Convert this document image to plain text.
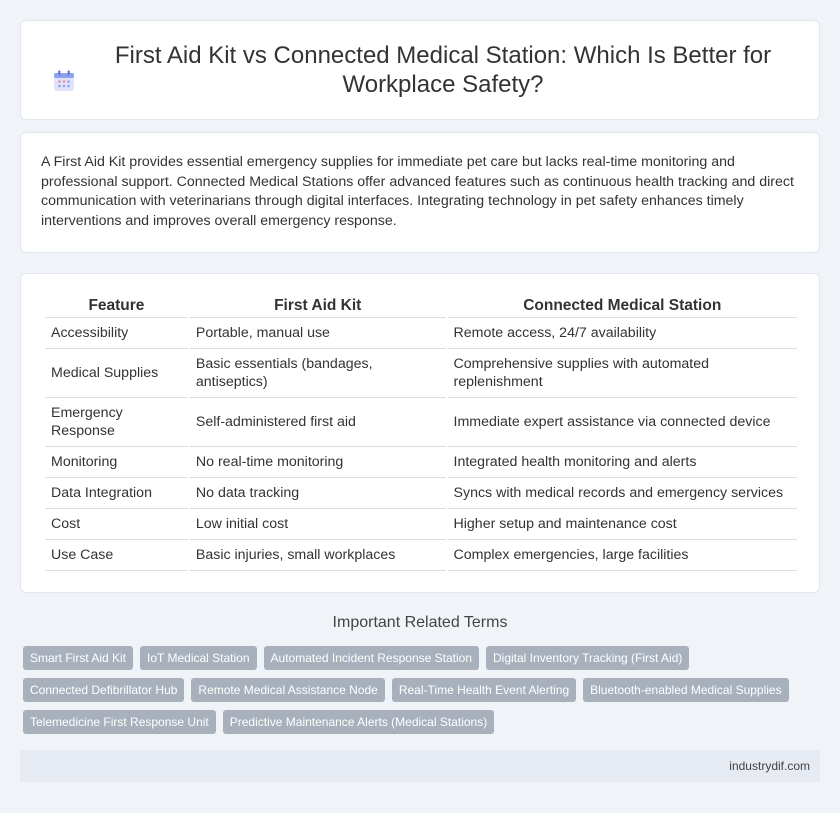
First Aid Kit vs Connected Medical Station: Which Is Better for Workplace Safety?

A First Aid Kit provides essential emergency supplies for immediate pet care but lacks real-time monitoring and professional support. Connected Medical Stations offer advanced features such as continuous health tracking and direct communication with veterinarians through digital interfaces. Integrating technology in pet safety enhances timely interventions and improves overall emergency response.

Feature	First Aid Kit	Connected Medical Station
Accessibility	Portable, manual use	Remote access, 24/7 availability
Medical Supplies	Basic essentials (bandages, antiseptics)	Comprehensive supplies with automated replenishment
Emergency Response	Self-administered first aid	Immediate expert assistance via connected device
Monitoring	No real-time monitoring	Integrated health monitoring and alerts
Data Integration	No data tracking	Syncs with medical records and emergency services
Cost	Low initial cost	Higher setup and maintenance cost
Use Case	Basic injuries, small workplaces	Complex emergencies, large facilities
Important Related Terms
Smart First Aid Kit	IoT Medical Station	Automated Incident Response Station	Digital Inventory Tracking (First Aid)
Connected Defibrillator Hub	Remote Medical Assistance Node	Real-Time Health Event Alerting	Bluetooth-enabled Medical Supplies
Telemedicine First Response Unit	Predictive Maintenance Alerts (Medical Stations)
industrydif.com
